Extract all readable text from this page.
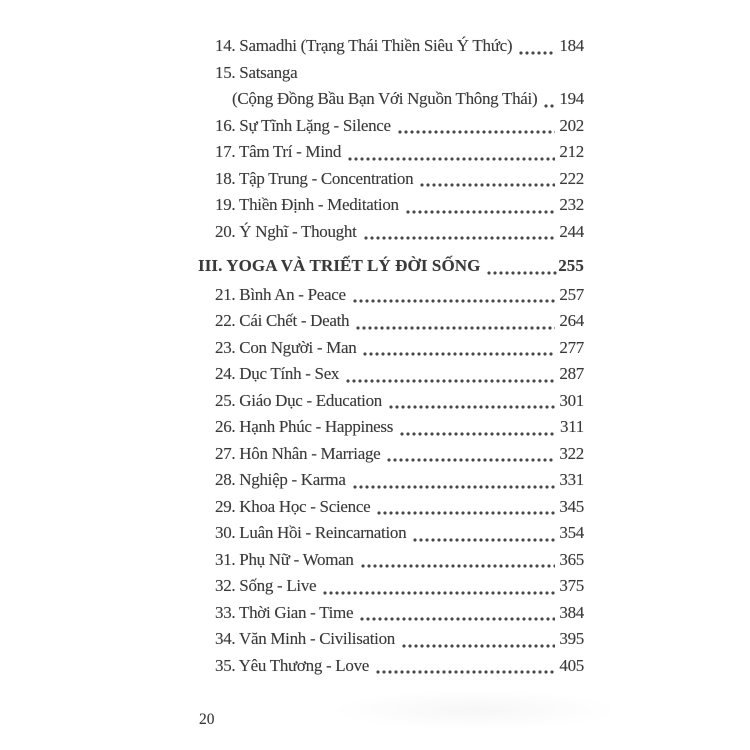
14. Samadhi (Trạng Thái Thiền Siêu Ý Thức)	184
15. Satsanga
(Cộng Đồng Bầu Bạn Với Nguồn Thông Thái) 194
16. Sự Tĩnh Lặng - Silence	202
17. Tâm Trí - Mind	212
18. Tập Trung - Concentration	222
19. Thiền Định - Meditation	232
20. Ý Nghĩ - Thought	244
III. YOGA VÀ TRIẾT LÝ ĐỜI SỐNG	255
21. Bình An - Peace	257
22. Cái Chết - Death	264
23. Con Người - Man	277
24. Dục Tính - Sex	287
25. Giáo Dục - Education	301
26. Hạnh Phúc - Happiness	311
27. Hôn Nhân - Marriage	322
28. Nghiệp - Karma	331
29. Khoa Học - Science	345
30. Luân Hồi - Reincarnation	354
31. Phụ Nữ - Woman	365
32. Sống - Live	375
33. Thời Gian - Time	384
34. Văn Minh - Civilisation	395
35. Yêu Thương - Love	405
20
